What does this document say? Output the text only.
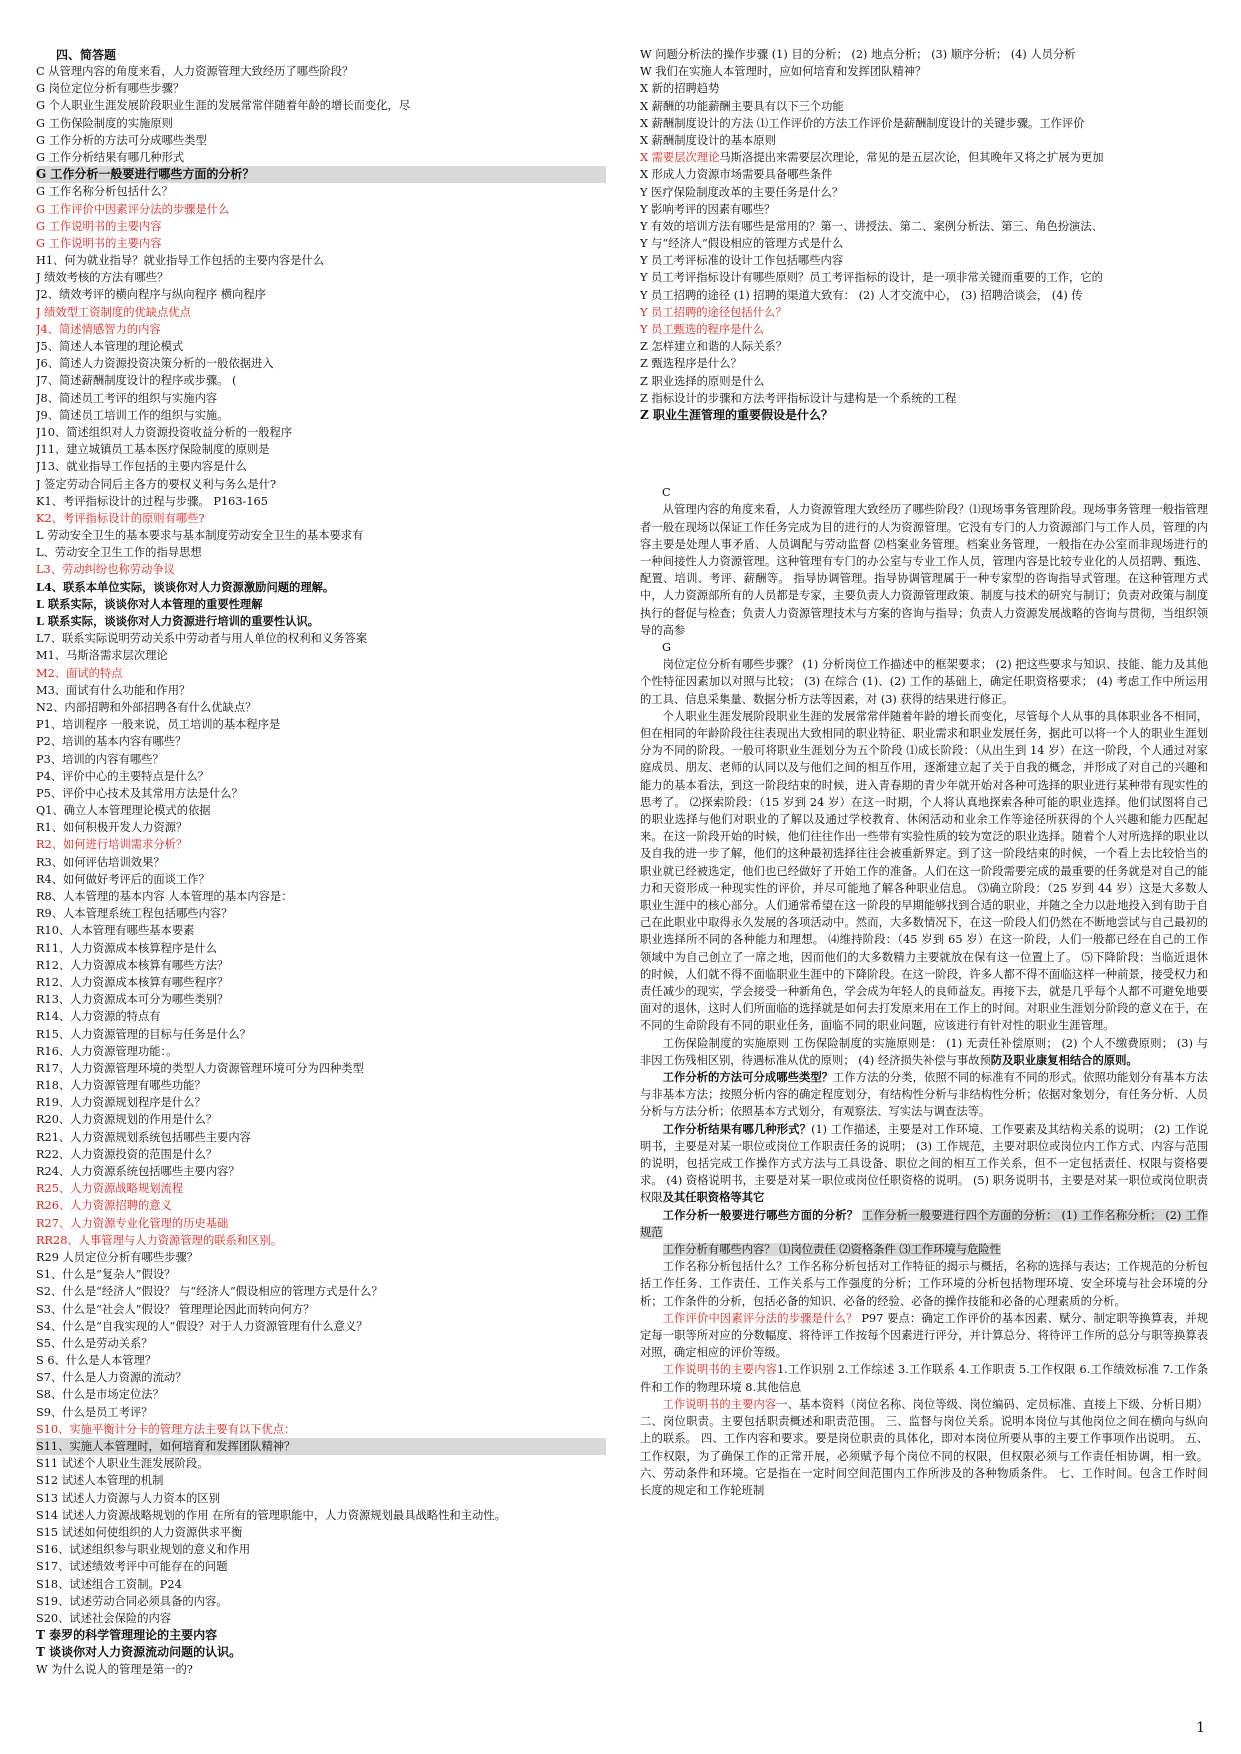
四、简答题
C 从管理内容的角度来看，人力资源管理大致经历了哪些阶段？
G 岗位定位分析有哪些步骤？
G 个人职业生涯发展阶段职业生涯的发展常常伴随着年龄的增长而变化，尽
G 工伤保险制度的实施原则
G 工作分析的方法可分成哪些类型
G 工作分析结果有哪几种形式
G 工作分析一般要进行哪些方面的分析？
G 工作名称分析包括什么？
G 工作评价中因素评分法的步骤是什么
G 工作说明书的主要内容
G 工作说明书的主要内容
H1、何为就业指导？就业指导工作包括的主要内容是什么
J 绩效考核的方法有哪些？
J2、绩效考评的横向程序与纵向程序 横向程序
J 绩效型工资制度的优缺点优点
J4、简述情感智力的内容
J5、简述人本管理的理论模式
J6、简述人力资源投资决策分析的一般依据进入
J7、简述薪酬制度设计的程序或步骤。 (
J8、简述员工考评的组织与实施内容
J9、简述员工培训工作的组织与实施。
J10、简述组织对人力资源投资收益分析的一般程序
J11、建立城镇员工基本医疗保险制度的原则是
J13、就业指导工作包括的主要内容是什么
J 签定劳动合同后主各方的要权义利与务么是什?
K1、考评指标设计的过程与步骤。 P163-165
K2、考评指标设计的原则有哪些?
L 劳动安全卫生的基本要求与基本制度劳动安全卫生的基本要求有
L、劳动安全卫生工作的指导思想
L3、劳动纠纷也称劳动争议
L4、联系本单位实际，谈谈你对人力资源激励问题的理解。
L 联系实际，谈谈你对人本管理的重要性理解
L 联系实际，谈谈你对人力资源进行培训的重要性认识。
L7、联系实际说明劳动关系中劳动者与用人单位的权利和义务答案
M1、马斯洛需求层次理论
M2、面试的特点
M3、面试有什么功能和作用？
N2、内部招聘和外部招聘各有什么优缺点？
P1、培训程序 一般来说，员工培训的基本程序是
P2、培训的基本内容有哪些？
P3、培训的内容有哪些？
P4、评价中心的主要特点是什么？
P5、评价中心技术及其常用方法是什么？
Q1、确立人本管理理论模式的依据
R1、如何积极开发人力资源？
R2、如何进行培训需求分析？
R3、如何评估培训效果？
R4、如何做好考评后的面谈工作？
R8、人本管理的基本内容 人本管理的基本内容是：
R9、人本管理系统工程包括哪些内容？
R10、人本管理有哪些基本要素
R11、人力资源成本核算程序是什么
R12、人力资源成本核算有哪些方法？
R12、人力资源成本核算有哪些程序？
R13、人力资源成本可分为哪些类别？
R14、人力资源的特点有
R15、人力资源管理的目标与任务是什么？
R16、人力资源管理功能：。
R17、人力资源管理环境的类型人力资源管理环境可分为四种类型
R18、人力资源管理有哪些功能？
R19、人力资源规划程序是什么？
R20、人力资源规划的作用是什么？
R21、人力资源规划系统包括哪些主要内容
R22、人力资源投资的范围是什么？
R24、人力资源系统包括哪些主要内容？
R25、人力资源战略规划流程
R26、人力资源招聘的意义
R27、人力资源专业化管理的历史基础
RR28、人事管理与人力资源管理的联系和区别。
R29 人员定位分析有哪些步骤？
S1、什么是“复杂人”假设？
S2、什么是“经济人”假设？ 与“经济人”假设相应的管理方式是什么？
S3、什么是“社会人”假设？ 管理理论因此而转向何方？
S4、什么是“自我实现的人”假设？对于人力资源管理有什么意义？
S5、什么是劳动关系？
S 6、什么是人本管理？
S7、什么是人力资源的流动？
S8、什么是市场定位法？
S9、什么是员工考评？
S10、实施平衡计分卡的管理方法主要有以下优点：
S11、实施人本管理时，如何培育和发挥团队精神？
S11 试述个人职业生涯发展阶段。
S12 试述人本管理的机制
S13 试述人力资源与人力资本的区别
S14 试述人力资源战略规划的作用 在所有的管理职能中，人力资源规划最具战略性和主动性。
S15 试述如何使组织的人力资源供求平衡
S16、试述组织参与职业规划的意义和作用
S17、试述绩效考评中可能存在的问题
S18、试述组合工资制。P24
S19、试述劳动合同必须具备的内容。
S20、试述社会保险的内容
T 泰罗的科学管理理论的主要内容
T 谈谈你对人力资源流动问题的认识。
W 为什么说人的管理是第一的?
W 问题分析法的操作步骤 (1) 目的分析； (2) 地点分析； (3) 顺序分析； (4) 人员分析
W 我们在实施人本管理时，应如何培育和发挥团队精神？
X 新的招聘趋势
X 薪酬的功能薪酬主要具有以下三个功能
X 薪酬制度设计的方法 ⑴工作评价的方法工作评价是薪酬制度设计的关键步骤。工作评价
X 薪酬制度设计的基本原则
X 需要层次理论马斯洛提出来需要层次理论，常见的是五层次论，但其晚年又将之扩展为更加
X 形成人力资源市场需要具备哪些条件
Y 医疗保险制度改革的主要任务是什么？
Y 影响考评的因素有哪些？
Y 有效的培训方法有哪些是常用的？第一、讲授法、第二、案例分析法、第三、角色扮演法、
Y 与“经济人”假设相应的管理方式是什么
Y 员工考评标准的设计工作包括哪些内容
Y 员工考评指标设计有哪些原则？员工考评指标的设计，是一项非常关键而重要的工作，它的
Y 员工招聘的途径 (1) 招聘的渠道大致有： (2) 人才交流中心， (3) 招聘洽谈会， (4) 传
Y 员工招聘的途径包括什么？
Y 员工甄选的程序是什么
Z 怎样建立和谐的人际关系？
Z 甄选程序是什么？
Z 职业选择的原则是什么
Z 指标设计的步骤和方法考评指标设计与建构是一个系统的工程
Z 职业生涯管理的重要假设是什么？
C

从管理内容的角度来看，人力资源管理大致经历了哪些阶段？⑴现场事务管理阶段。现场事务管理一般指管理者一般在现场以保证工作任务完成为目的进行的人为资源管理。它没有专门的人力资源部门与工作人员，管理的内容主要是处理人事矛盾、人员调配与劳动监督 ⑵档案业务管理。档案业务管理，一般指在办公室而非现场进行的一种间接性人力资源管理。这种管理有专门的办公室与专业工作人员，管理内容是比较专业化的人员招聘、甄选、配置、培训、考评、薪酬等。 指导协调管理。指导协调管理属于一种专家型的咨询指导式管理。在这种管理方式中，人力资源部所有的人员都是专家，主要负责人力资源管理政策、制度与技术的研究与制订；负责对政策与制度执行的督促与检查；负责人力资源管理技术与方案的咨询与指导；负责人力资源发展战略的咨询与贯彻，当组织领导的高参

G

岗位定位分析有哪些步骤？ (1) 分析岗位工作描述中的框架要求； (2) 把这些要求与知识、技能、能力及其他个性特征因素加以对照与比较； (3) 在综合 (1)、(2) 工作的基础上，确定任职资格要求； (4) 考虑工作中所运用的工具、信息采集量、数据分析方法等因素，对 (3) 获得的结果进行修正。

个人职业生涯发展阶段职业生涯的发展常常伴随着年龄的增长而变化，尽管每个人从事的具体职业各不相同，但在相同的年龄阶段往往表现出大致相同的职业特征、职业需求和职业发展任务，据此可以将一个人的职业生涯划分为不同的阶段。一般可将职业生涯划分为五个阶段 ⑴成长阶段：（从出生到 14 岁）在这一阶段，个人通过对家庭成员、朋友、老师的认同以及与他们之间的相互作用，逐渐建立起了关于自我的概念，并形成了对自己的兴趣和能力的基本看法，到这一阶段结束的时候，进入青春期的青少年就开始对各种可选择的职业进行某种带有现实性的思考了。 ⑵探索阶段：（15 岁到 24 岁）在这一时期，个人将认真地探索各种可能的职业选择。他们试图将自己的职业选择与他们对职业的了解以及通过学校教育、休闲活动和业余工作等途径所获得的个人兴趣和能力匹配起来。在这一阶段开始的时候，他们往往作出一些带有实验性质的较为宽泛的职业选择。随着个人对所选择的职业以及自我的进一步了解，他们的这种最初选择往往会被重新界定。到了这一阶段结束的时候，一个看上去比较恰当的职业就已经被选定，他们也已经做好了开始工作的准备。人们在这一阶段需要完成的最重要的任务就是对自己的能力和天资形成一种现实性的评价，并尽可能地了解各种职业信息。 ⑶确立阶段：（25 岁到 44 岁）这是大多数人职业生涯中的核心部分。人们通常希望在这一阶段的早期能够找到合适的职业，并随之全力以赴地投入到有助于自己在此职业中取得永久发展的各项活动中。然而，大多数情况下，在这一阶段人们仍然在不断地尝试与自己最初的职业选择所不同的各种能力和理想。 ⑷维持阶段：（45 岁到 65 岁）在这一阶段，人们一般都已经在自己的工作领域中为自己创立了一席之地，因而他们的大多数精力主要就放在保有这一位置上了。 ⑸下降阶段：当临近退休的时候，人们就不得不面临职业生涯中的下降阶段。在这一阶段，许多人都不得不面临这样一种前景，接受权力和责任减少的现实，学会接受一种新角色，学会成为年轻人的良师益友。再接下去，就是几乎每个人都不可避免地要面对的退休，这时人们所面临的选择就是如何去打发原来用在工作上的时间。对职业生涯划分阶段的意义在于，在不同的生命阶段有不同的职业任务，面临不同的职业问题，应该进行有针对性的职业生涯管理。

工伤保险制度的实施原则 工伤保险制度的实施原则是： (1) 无责任补偿原则； (2) 个人不缴费原则； (3) 与非因工伤残相区别，待遇标准从优的原则； (4) 经济损失补偿与事故预防及职业康复相结合的原则。

工作分析的方法可分成哪些类型？工作方法的分类，依照不同的标准有不同的形式。依照功能划分有基本方法与非基本方法；按照分析内容的确定程度划分，有结构性分析与非结构性分析；依据对象划分，有任务分析、人员分析与方法分析；依照基本方式划分，有观察法、写实法与调查法等。

工作分析结果有哪几种形式？(1) 工作描述，主要是对工作环境、工作要素及其结构关系的说明； (2) 工作说明书，主要是对某一职位或岗位工作职责任务的说明； (3) 工作规范，主要对职位或岗位内工作方式、内容与范围的说明，包括完成工作操作方式方法与工具设备、职位之间的相互工作关系，但不一定包括责任、权限与资格要求。 (4) 资格说明书，主要是对某一职位或岗位任职资格的说明。 (5) 职务说明书，主要是对某一职位或岗位职责权限及其任职资格等其它

工作分析一般要进行哪些方面的分析？ 工作分析一般要进行四个方面的分析： (1) 工作名称分析； (2) 工作规范

工作分析有哪些内容？ ⑴岗位责任 ⑵资格条件 ⑶工作环境与危险性

工作名称分析包括什么？工作名称分析包括对工作特征的揭示与概括，名称的选择与表达；工作规范的分析包括工作任务、工作责任、工作关系与工作强度的分析；工作环境的分析包括物理环境、安全环境与社会环境的分析；工作条件的分析，包括必备的知识、必备的经验、必备的操作技能和必备的心理素质的分析。

工作评价中因素评分法的步骤是什么？ P97 要点：确定工作评价的基本因素、赋分、制定职等换算表，并规定每一职等所对应的分数幅度、将待评工作按每个因素进行评分，并计算总分、将待评工作所的总分与职等换算表对照，确定相应的评价等级。

工作说明书的主要内容1.工作识别 2.工作综述 3.工作联系 4.工作职责 5.工作权限 6.工作绩效标准 7.工作条件和工作的物理环境 8.其他信息

工作说明书的主要内容一、基本资料（岗位名称、岗位等级、岗位编码、定员标准、直接上下级、分析日期） 二、岗位职责。主要包括职责概述和职责范围。 三、监督与岗位关系。说明本岗位与其他岗位之间在横向与纵向上的联系。 四、工作内容和要求。要是岗位职责的具体化，即对本岗位所要从事的主要工作事项作出说明。 五、工作权限，为了确保工作的正常开展，必须赋予每个岗位不同的权限，但权限必须与工作责任相协调，相一致。 六、劳动条件和环境。它是指在一定时间空间范围内工作所涉及的各种物质条件。 七、工作时间。包含工作时间长度的规定和工作轮班制

1
